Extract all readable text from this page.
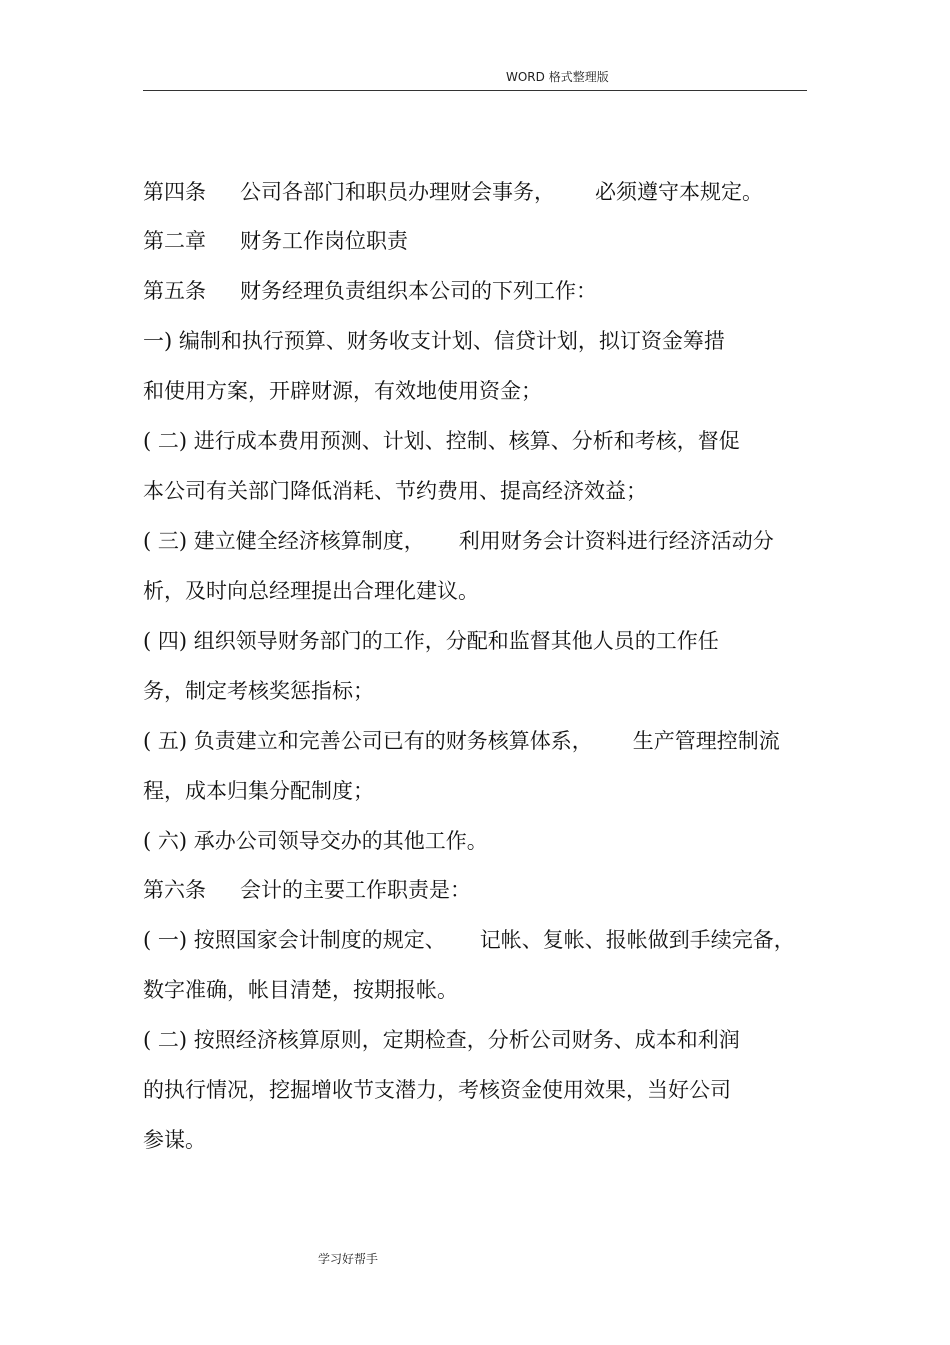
WORD 格式整理版
第四条 公司各部门和职员办理财会事务， 必须遵守本规定。
第二章 财务工作岗位职责
第五条 财务经理负责组织本公司的下列工作：
一) 编制和执行预算、财务收支计划、信贷计划，拟订资金筹措
和使用方案，开辟财源，有效地使用资金；
( 二) 进行成本费用预测、计划、控制、核算、分析和考核，督促
本公司有关部门降低消耗、节约费用、提高经济效益；
( 三) 建立健全经济核算制度， 利用财务会计资料进行经济活动分
析，及时向总经理提出合理化建议。
( 四) 组织领导财务部门的工作，分配和监督其他人员的工作任
务，制定考核奖惩指标；
( 五) 负责建立和完善公司已有的财务核算体系， 生产管理控制流
程，成本归集分配制度；
( 六) 承办公司领导交办的其他工作。
第六条 会计的主要工作职责是：
( 一) 按照国家会计制度的规定、 记帐、复帐、报帐做到手续完备，
数字准确，帐目清楚，按期报帐。
( 二) 按照经济核算原则，定期检查，分析公司财务、成本和利润
的执行情况，挖掘增收节支潜力，考核资金使用效果，当好公司
参谋。
学习好帮手
